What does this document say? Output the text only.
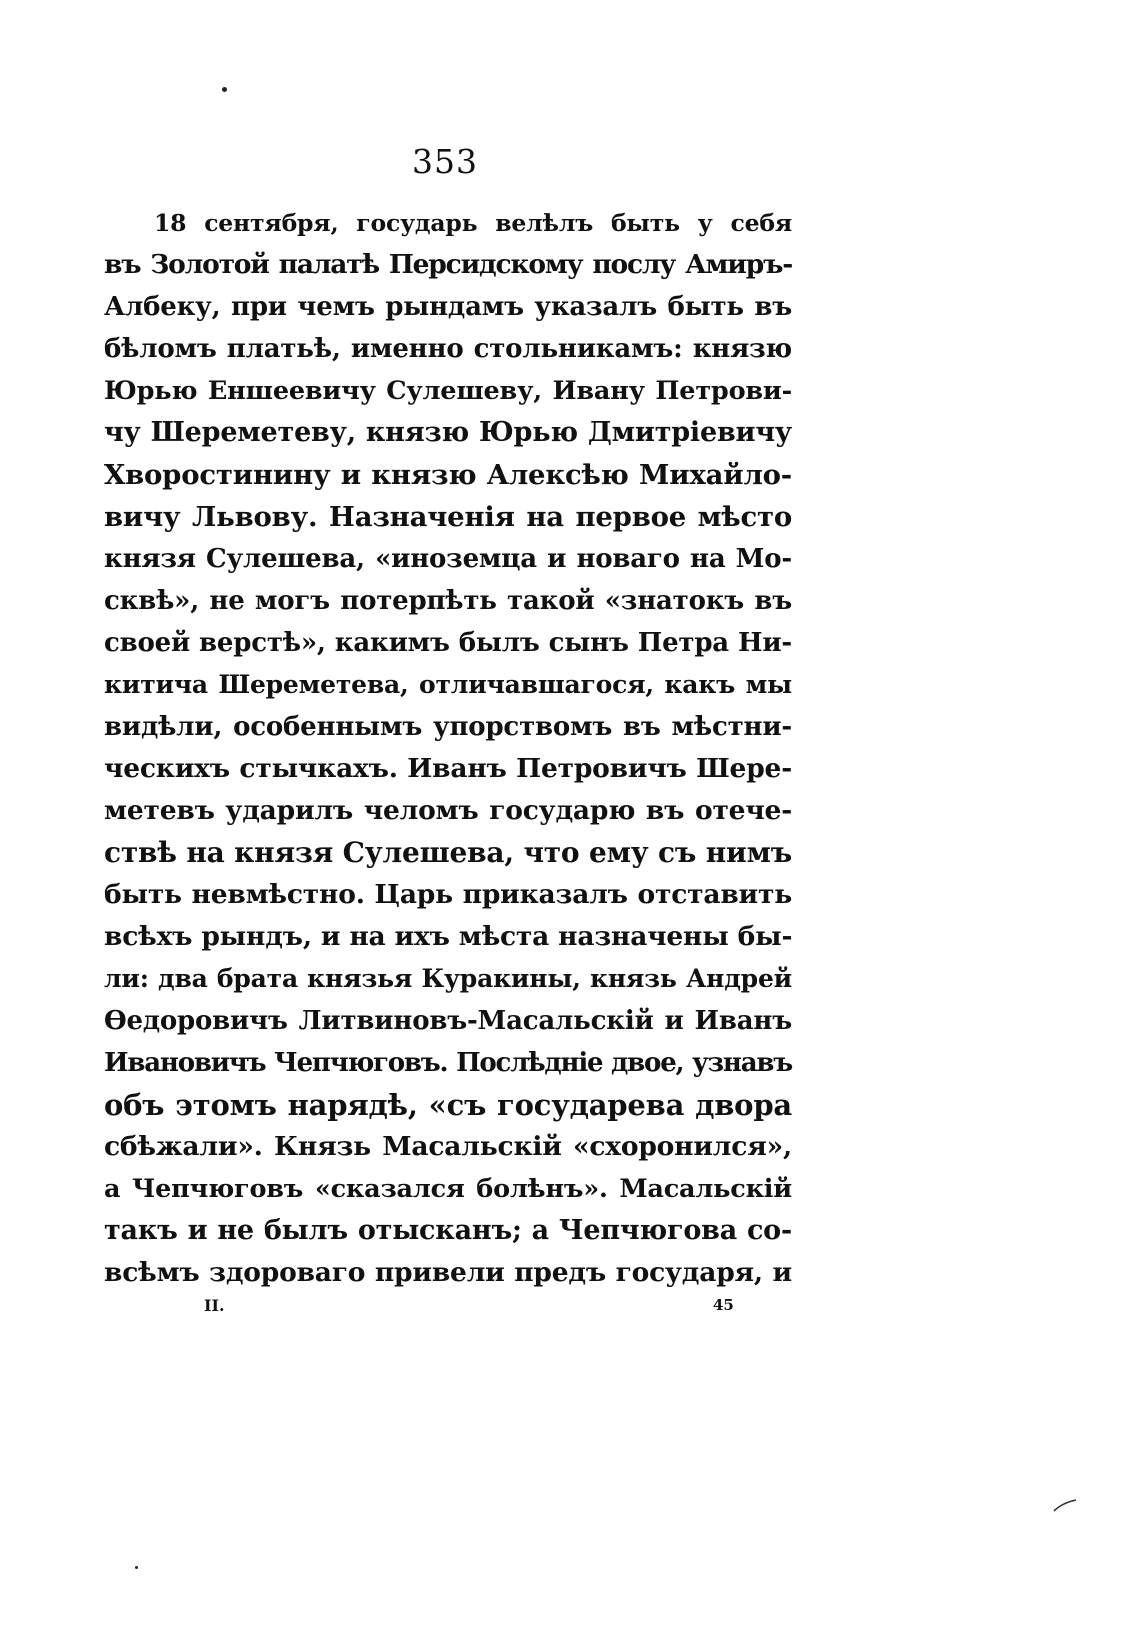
353
18 сентября, государь велѣлъ быть у себя
въ Золотой палатѣ Персидскому послу Амиръ-
Албеку, при чемъ рындамъ указалъ быть въ
бѣломъ платьѣ, именно стольникамъ: князю
Юрью Еншеевичу Сулешеву, Ивану Петрови-
чу Шереметеву, князю Юрью Дмитріевичу
Хворостинину и князю Алексѣю Михайло-
вичу Львову. Назначенія на первое мѣсто
князя Сулешева, «иноземца и новаго на Мо-
сквѣ», не могъ потерпѣть такой «знатокъ въ
своей верстѣ», какимъ былъ сынъ Петра Ни-
китича Шереметева, отличавшагося, какъ мы
видѣли, особеннымъ упорствомъ въ мѣстни-
ческихъ стычкахъ. Иванъ Петровичъ Шере-
метевъ ударилъ челомъ государю въ отече-
ствѣ на князя Сулешева, что ему съ нимъ
быть невмѣстно. Царь приказалъ отставить
всѣхъ рындъ, и на ихъ мѣста назначены бы-
ли: два брата князья Куракины, князь Андрей
Ѳедоровичъ Литвиновъ-Масальскій и Иванъ
Ивановичъ Чепчюговъ. Послѣдніе двое, узнавъ
объ этомъ нарядѣ, «съ государева двора
сбѣжали». Князь Масальскій «схоронился»,
а Чепчюговъ «сказался болѣнъ». Масальскій
такъ и не былъ отысканъ; а Чепчюгова со-
всѣмъ здороваго привели предъ государя, и
II.	45
